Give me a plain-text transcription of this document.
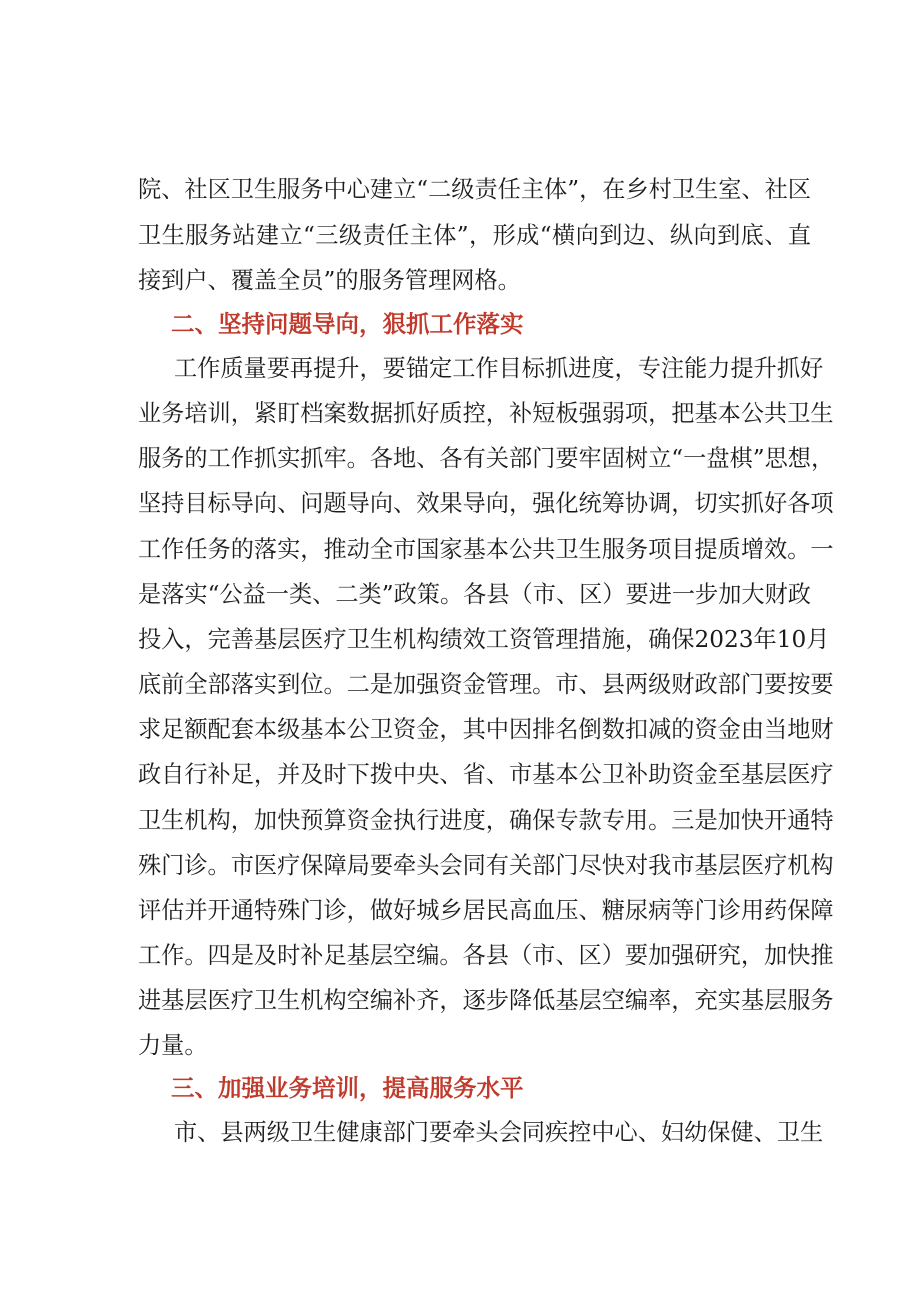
院、社区卫生服务中心建立“二级责任主体”，在乡村卫生室、社区
卫生服务站建立“三级责任主体”，形成“横向到边、纵向到底、直
接到户、覆盖全员”的服务管理网格。
二、坚持问题导向，狠抓工作落实
工作质量要再提升，要锚定工作目标抓进度，专注能力提升抓好
业务培训，紧盯档案数据抓好质控，补短板强弱项，把基本公共卫生
服务的工作抓实抓牢。各地、各有关部门要牢固树立“一盘棋”思想，
坚持目标导向、问题导向、效果导向，强化统筹协调，切实抓好各项
工作任务的落实，推动全市国家基本公共卫生服务项目提质增效。一
是落实“公益一类、二类”政策。各县（市、区）要进一步加大财政
投入，完善基层医疗卫生机构绩效工资管理措施，确保2023年10月
底前全部落实到位。二是加强资金管理。市、县两级财政部门要按要
求足额配套本级基本公卫资金，其中因排名倒数扣减的资金由当地财
政自行补足，并及时下拨中央、省、市基本公卫补助资金至基层医疗
卫生机构，加快预算资金执行进度，确保专款专用。三是加快开通特
殊门诊。市医疗保障局要牵头会同有关部门尽快对我市基层医疗机构
评估并开通特殊门诊，做好城乡居民高血压、糖尿病等门诊用药保障
工作。四是及时补足基层空编。各县（市、区）要加强研究，加快推
进基层医疗卫生机构空编补齐，逐步降低基层空编率，充实基层服务
力量。
三、加强业务培训，提高服务水平
市、县两级卫生健康部门要牵头会同疾控中心、妇幼保健、卫生
